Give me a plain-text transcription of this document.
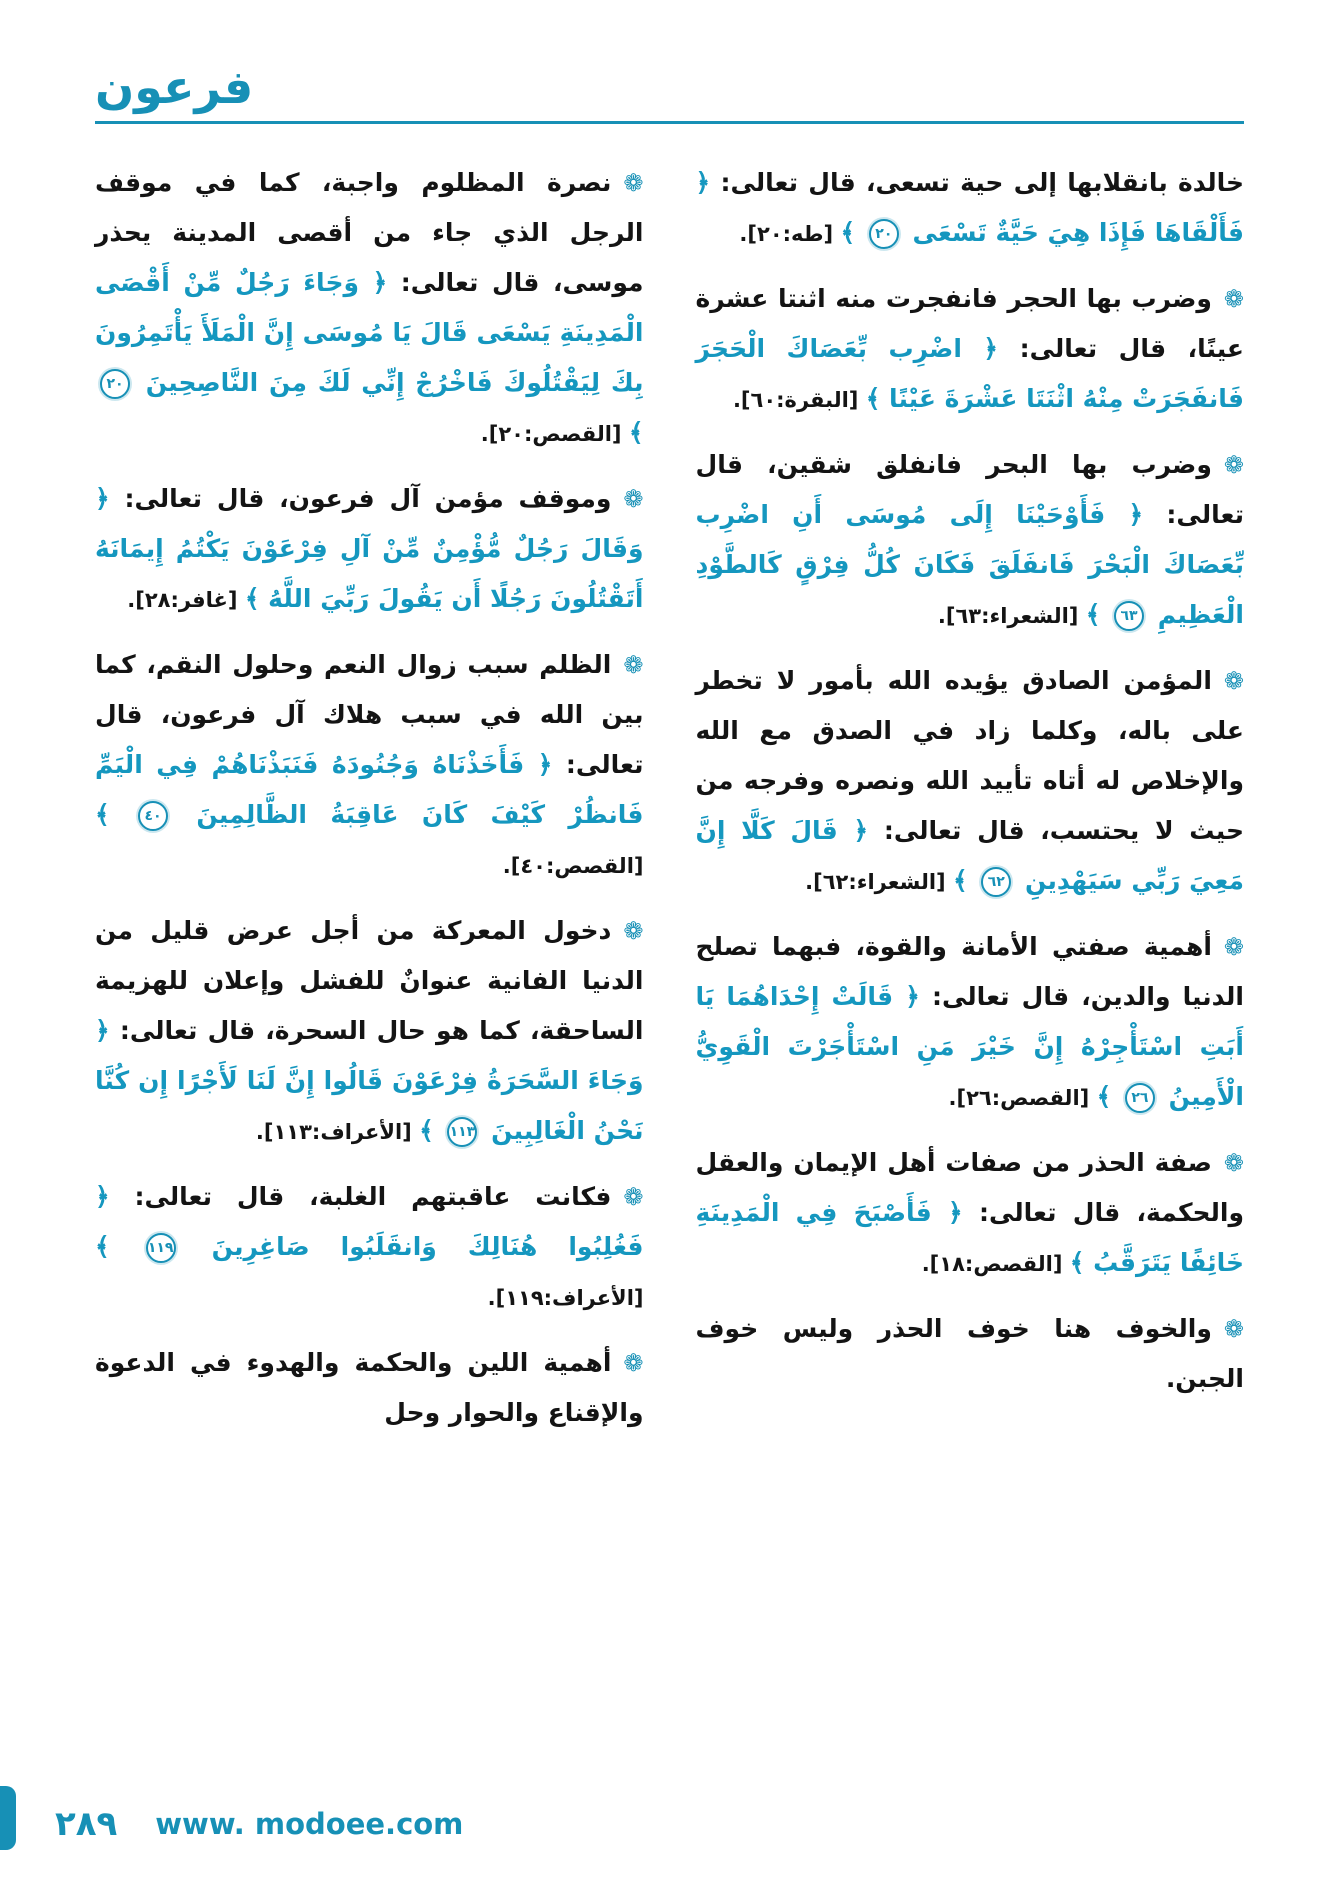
فرعون
خالدة بانقلابها إلى حية تسعى، قال تعالى: ﴿ فَأَلْقَاهَا فَإِذَا هِيَ حَيَّةٌ تَسْعَى ٢٠ ﴾ [طه:٢٠].
❁وضرب بها الحجر فانفجرت منه اثنتا عشرة عينًا، قال تعالى: ﴿ اضْرِب بِّعَصَاكَ الْحَجَرَ فَانفَجَرَتْ مِنْهُ اثْنَتَا عَشْرَةَ عَيْنًا ﴾ [البقرة:٦٠].
❁وضرب بها البحر فانفلق شقين، قال تعالى: ﴿ فَأَوْحَيْنَا إِلَى مُوسَى أَنِ اضْرِب بِّعَصَاكَ الْبَحْرَ فَانفَلَقَ فَكَانَ كُلُّ فِرْقٍ كَالطَّوْدِ الْعَظِيمِ ٦٣ ﴾ [الشعراء:٦٣].
❁المؤمن الصادق يؤيده الله بأمور لا تخطر على باله، وكلما زاد في الصدق مع الله والإخلاص له أتاه تأييد الله ونصره وفرجه من حيث لا يحتسب، قال تعالى: ﴿ قَالَ كَلَّا إِنَّ مَعِيَ رَبِّي سَيَهْدِينِ ٦٢ ﴾ [الشعراء:٦٢].
❁أهمية صفتي الأمانة والقوة، فبهما تصلح الدنيا والدين، قال تعالى: ﴿ قَالَتْ إِحْدَاهُمَا يَا أَبَتِ اسْتَأْجِرْهُ إِنَّ خَيْرَ مَنِ اسْتَأْجَرْتَ الْقَوِيُّ الْأَمِينُ ٢٦ ﴾ [القصص:٢٦].
❁صفة الحذر من صفات أهل الإيمان والعقل والحكمة، قال تعالى: ﴿ فَأَصْبَحَ فِي الْمَدِينَةِ خَائِفًا يَتَرَقَّبُ ﴾ [القصص:١٨].
❁والخوف هنا خوف الحذر وليس خوف الجبن.
❁نصرة المظلوم واجبة، كما في موقف الرجل الذي جاء من أقصى المدينة يحذر موسى، قال تعالى: ﴿ وَجَاءَ رَجُلٌ مِّنْ أَقْصَى الْمَدِينَةِ يَسْعَى قَالَ يَا مُوسَى إِنَّ الْمَلَأَ يَأْتَمِرُونَ بِكَ لِيَقْتُلُوكَ فَاخْرُجْ إِنِّي لَكَ مِنَ النَّاصِحِينَ ٢٠ ﴾ [القصص:٢٠].
❁وموقف مؤمن آل فرعون، قال تعالى: ﴿ وَقَالَ رَجُلٌ مُّؤْمِنٌ مِّنْ آلِ فِرْعَوْنَ يَكْتُمُ إِيمَانَهُ أَتَقْتُلُونَ رَجُلًا أَن يَقُولَ رَبِّيَ اللَّهُ ﴾ [غافر:٢٨].
❁الظلم سبب زوال النعم وحلول النقم، كما بين الله في سبب هلاك آل فرعون، قال تعالى: ﴿ فَأَخَذْنَاهُ وَجُنُودَهُ فَنَبَذْنَاهُمْ فِي الْيَمِّ فَانظُرْ كَيْفَ كَانَ عَاقِبَةُ الظَّالِمِينَ ٤٠ ﴾ [القصص:٤٠].
❁دخول المعركة من أجل عرض قليل من الدنيا الفانية عنوانٌ للفشل وإعلان للهزيمة الساحقة، كما هو حال السحرة، قال تعالى: ﴿ وَجَاءَ السَّحَرَةُ فِرْعَوْنَ قَالُوا إِنَّ لَنَا لَأَجْرًا إِن كُنَّا نَحْنُ الْغَالِبِينَ ١١٣ ﴾ [الأعراف:١١٣].
❁فكانت عاقبتهم الغلبة، قال تعالى: ﴿ فَغُلِبُوا هُنَالِكَ وَانقَلَبُوا صَاغِرِينَ ١١٩ ﴾ [الأعراف:١١٩].
❁أهمية اللين والحكمة والهدوء في الدعوة والإقناع والحوار وحل
٢٨٩ www. modoee.com
